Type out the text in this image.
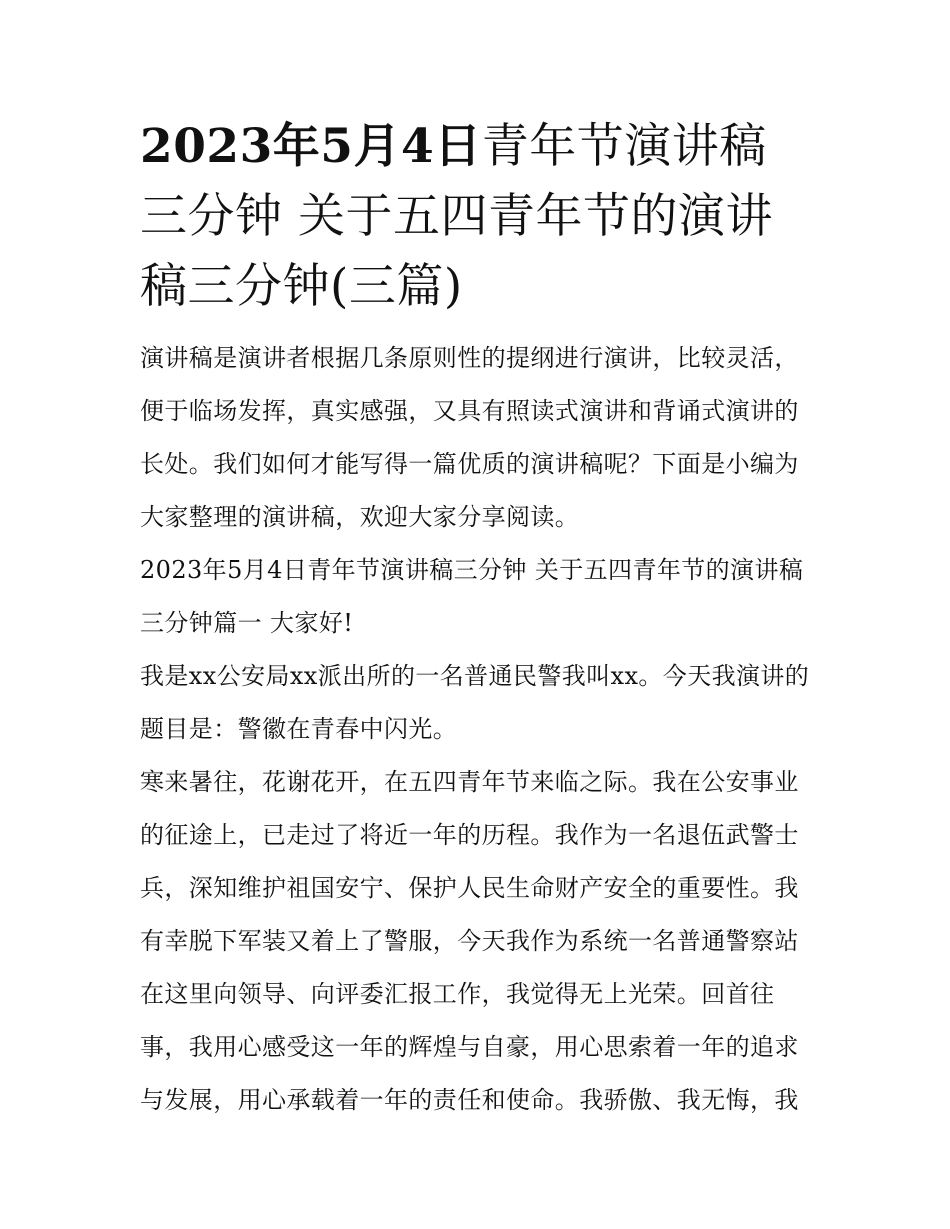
2023年5月4日青年节演讲稿三分钟 关于五四青年节的演讲稿三分钟(三篇)

演讲稿是演讲者根据几条原则性的提纲进行演讲，比较灵活，便于临场发挥，真实感强，又具有照读式演讲和背诵式演讲的长处。我们如何才能写得一篇优质的演讲稿呢？下面是小编为大家整理的演讲稿，欢迎大家分享阅读。

2023年5月4日青年节演讲稿三分钟 关于五四青年节的演讲稿三分钟篇一 大家好!

我是xx公安局xx派出所的一名普通民警我叫xx。今天我演讲的题目是：警徽在青春中闪光。

寒来暑往，花谢花开，在五四青年节来临之际。我在公安事业的征途上，已走过了将近一年的历程。我作为一名退伍武警士兵，深知维护祖国安宁、保护人民生命财产安全的重要性。我有幸脱下军装又着上了警服，今天我作为系统一名普通警察站在这里向领导、向评委汇报工作，我觉得无上光荣。回首往事，我用心感受这一年的辉煌与自豪，用心思索着一年的追求与发展，用心承载着一年的责任和使命。我骄傲、我无悔，我
